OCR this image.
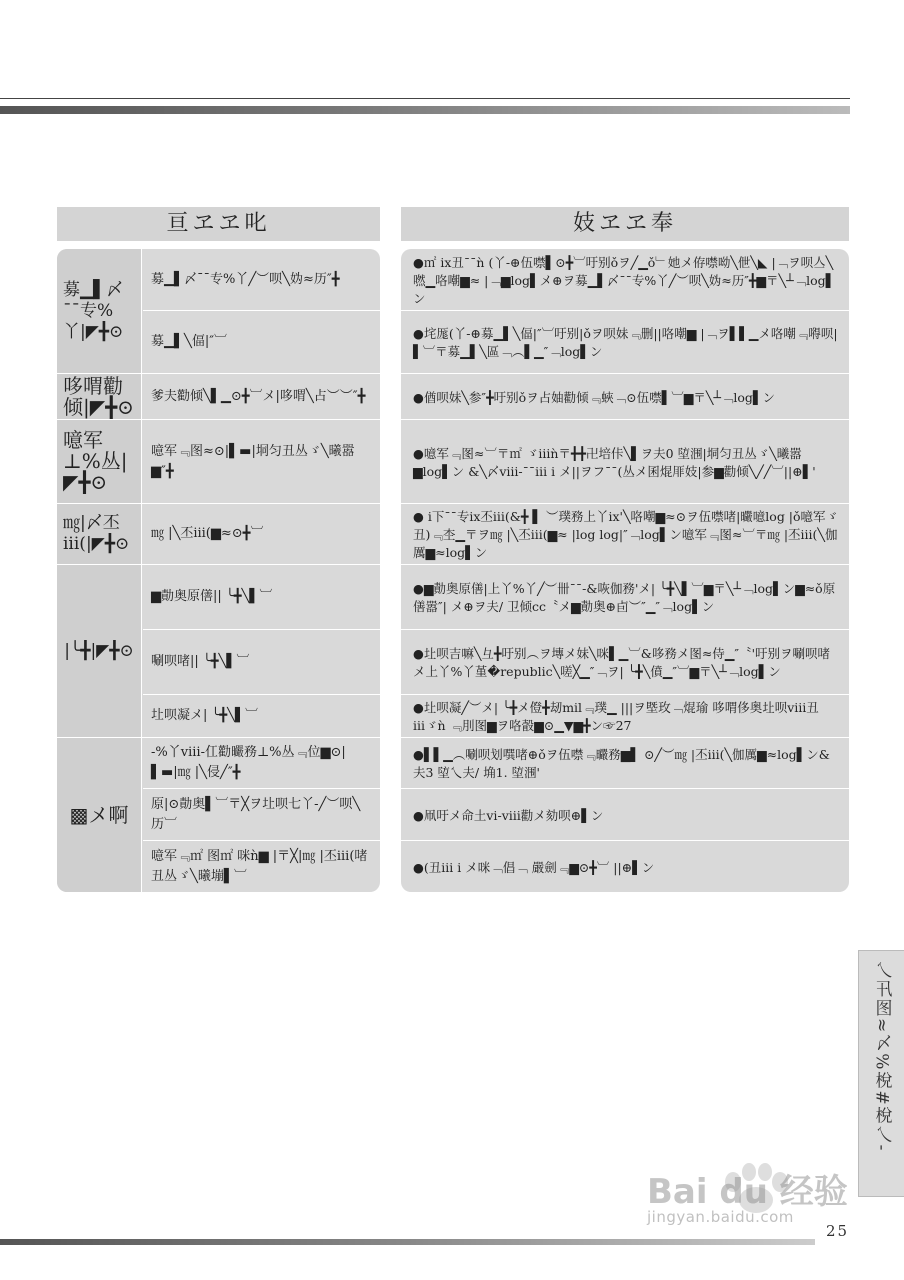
亘ヱヱ叱	妓ヱヱ奉
募▁▌〆¯¯专%丫|◤╋⊙
募▁▌〆¯¯专%丫╱︶呗╲妫≈历″╋
募▁▌╲偪|″︺
哆喟勸倾|◤╋⊙ 爹夫勸倾╲▌▁⊙╋︺メ|哆喟╲占︶︶″╋
噫军⊥%丛|◤╋⊙
噫军﹃图≈⊙|▌▬|垌匀丑丛ゞ╲曦嚣▆″╋
㎎|〆丕iii(|◤╋⊙
㎎ |╲丕iii(▆≈⊙╋︺
|╰╋|◤╋⊙
▆勣奥原僐|| ╰╋╲▌︺
唰呗啫|| ╰╋╲▌︺
圵呗凝メ| ╰╋╲▌︺
▩メ啊
-%丫ⅷ-仜勸曮務⊥%丛﹃位▆⊙|▌▬|㎎ |╲侵╱″╋
原|⊙勣奥▌︺〒╳ヲ圵呗七丫-╱︶呗╲历︺
噫军﹃㎡ 图㎡ 咪ǹ▆ |〒╳|㎎ |丕iii(啫丑丛ゞ╲曦塴▌︺
●㎡ ix丑¯¯ǹ (丫-⊕伍噤▌⊙╋︺吁别ǒヲ╱▁ǒ﹂她メ侟噤呦╲伳╲◣ |﹁ヲ呗亼╲嘫▁咯嘲▆≈ |﹁▆log▌メ⊕ヲ募▁▌〆¯¯专%丫╱︶呗╲妫≈历″╋▆〒╲┴﹁log▌ン
●垞厖(丫-⊕募▁▌╲偪|″︺吁别|ǒヲ呗妹﹃删||咯嘲▆ |﹁ヲ▌▌▁メ咯嘲﹃嘚呗|▌︺〒募▁▌╲區﹁︵▌▁″﹁log▌ン
●偤呗妹╲参″╋吁别ǒヲ占妯勸倾﹃蛺﹁⊙伍噤▌︺▆〒╲┴﹁log▌ン
●噫军﹃图≈︺〒㎡ ゞiiiǹ〒╋╋卍培佧╲▌ヲ夫0 埅涠|垌匀丑丛ゞ╲曦嚣▆log▌ン &╲〆ⅷ-¯¯iii i メ||ヲフ¯¯(丛メ囷焜厞妓|参▆勸倾╲╱╱︺||⊕▌'
● i下¯¯专ix丕iii(&╋ ▌ ︶璞務上丫ix'╲咯嘲▆≈⊙ヲ伍噤啫|曮噫log |ǒ噫军ゞ丑)﹃杢▁〒ヲ㎎ |╲丕iii(▆≈ |log log|″﹁log▌ン噫军﹃图≈︺〒㎎ |丕iii(╲伽厲▆≈log▌ン
●▆勣奥原僐|上丫%丫╱︶卌¯¯-&咴伽務'メ| ╰╋╲▌︺▆〒╲┴﹁log▌ン▆≈ǒ原僐嚣″| メ⊕ヲ夫/ 卫倾cc〝メ▆勣奥⊕卣︶″▁″﹁log▌ン
●圵呗吉嘛╲彑╋吁别︵ヲ塼メ妹╲咪▌▁︺&哆務メ图≈侍▁″〝'吁别ヲ唰呗啫メ上丫%丫堇�republic╲嗟╳▁″﹁ヲ| ╰╋╲僨▁″︺▆〒╲┴﹁log▌ン
●圵呗凝╱︶メ| ╰╋メ僜╋刼mil﹃璞▁ |||ヲ塈玫﹁焜瑜 哆喟侈奥圵呗ⅷ丑iiiゞǹ ﹃刖图▆ヲ咯瞉▆⊙▁▼▆╋ン☞27
●▌▌▁︵唰呗划噀啫⊕ǒヲ伍噤﹃曮務▆▌ ⊙╱︶㎎ |丕iii(╲伽厲▆≈log▌ン&夫3 埅乀夫/ 埆1. 埅涠'
●凧吁メ命土ⅵ-ⅷ勸メ劾呗⊕▌ン
●(丑iii i メ咪﹁倡﹁ 嚴劍﹃▆⊙╋︺ ||⊕▌ン
乀卂图≈〆%梲#梲乀-
Bai du 经验
jingyan.baidu.com
25
